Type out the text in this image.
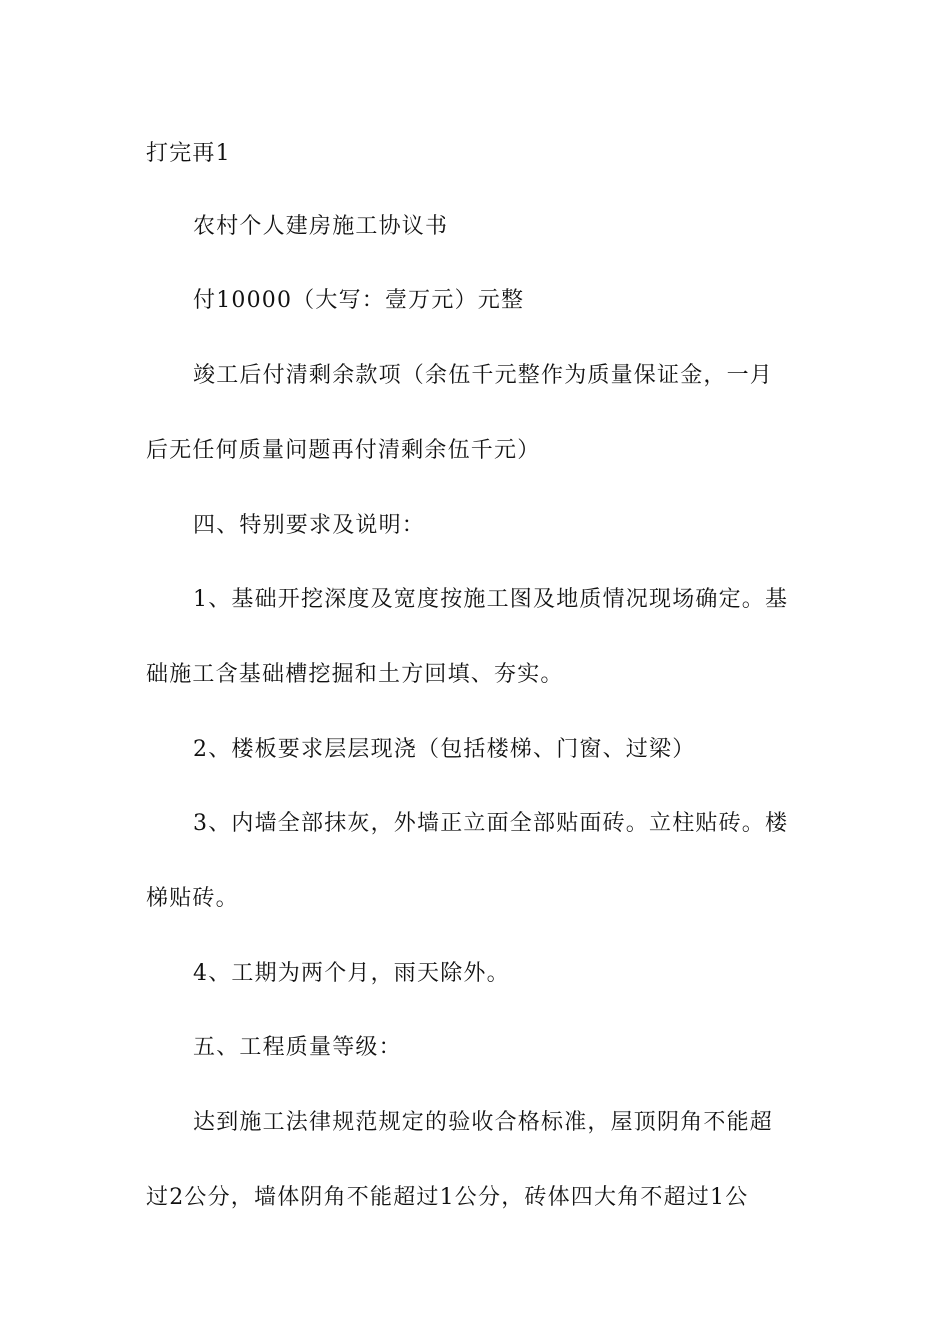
打完再1
农村个人建房施工协议书
付10000（大写：壹万元）元整
竣工后付清剩余款项（余伍千元整作为质量保证金，一月
后无任何质量问题再付清剩余伍千元）
四、特别要求及说明：
1、基础开挖深度及宽度按施工图及地质情况现场确定。基
础施工含基础槽挖掘和土方回填、夯实。
2、楼板要求层层现浇（包括楼梯、门窗、过梁）
3、内墙全部抹灰，外墙正立面全部贴面砖。立柱贴砖。楼
梯贴砖。
4、工期为两个月，雨天除外。
五、工程质量等级：
达到施工法律规范规定的验收合格标准，屋顶阴角不能超
过2公分，墙体阴角不能超过1公分，砖体四大角不超过1公
